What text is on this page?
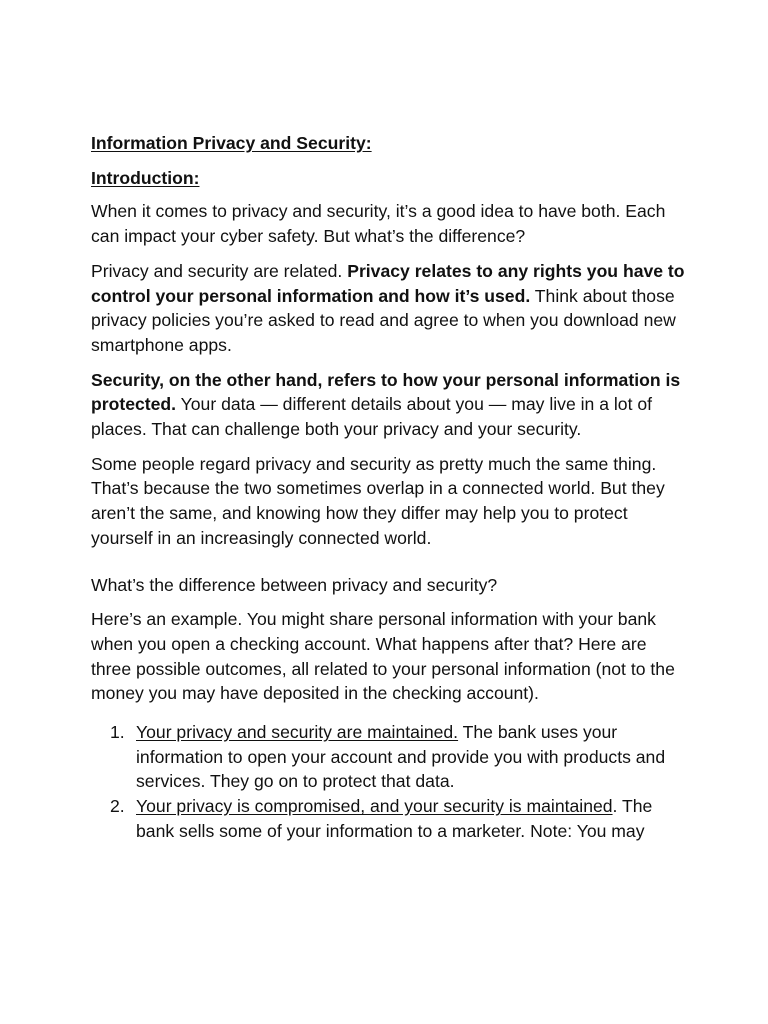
Information Privacy and Security:

Introduction:

When it comes to privacy and security, it’s a good idea to have both. Each can impact your cyber safety. But what’s the difference?

Privacy and security are related. Privacy relates to any rights you have to control your personal information and how it’s used. Think about those privacy policies you’re asked to read and agree to when you download new smartphone apps.

Security, on the other hand, refers to how your personal information is protected. Your data — different details about you — may live in a lot of places. That can challenge both your privacy and your security.

Some people regard privacy and security as pretty much the same thing. That’s because the two sometimes overlap in a connected world. But they aren’t the same, and knowing how they differ may help you to protect yourself in an increasingly connected world.

What’s the difference between privacy and security?

Here’s an example. You might share personal information with your bank when you open a checking account. What happens after that? Here are three possible outcomes, all related to your personal information (not to the money you may have deposited in the checking account).

1. Your privacy and security are maintained. The bank uses your information to open your account and provide you with products and services. They go on to protect that data.
2. Your privacy is compromised, and your security is maintained. The bank sells some of your information to a marketer. Note: You may
